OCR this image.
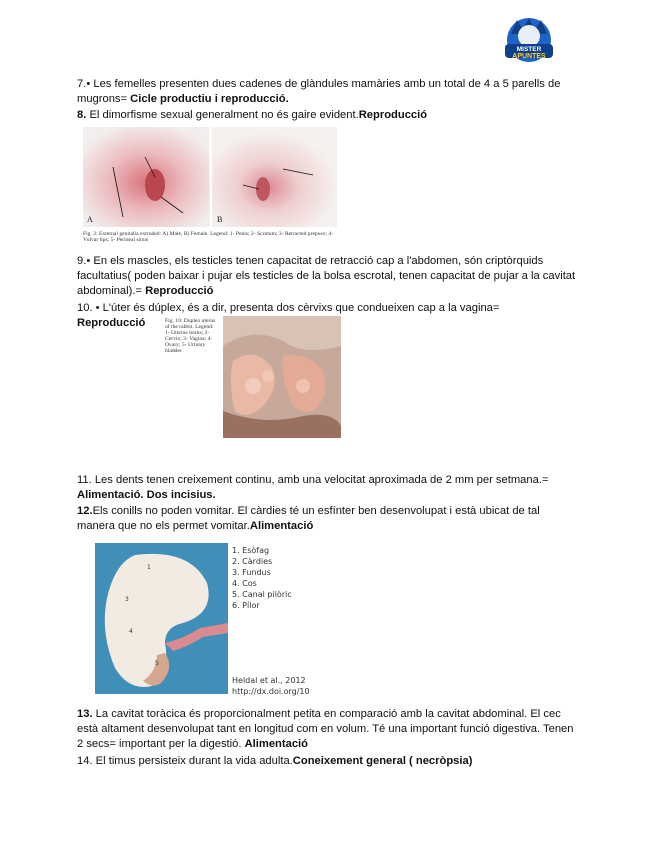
MISTER
APUNTES
7.• Les femelles presenten dues cadenes de glàndules mamàries amb un total de 4 a 5 parells de mugrons= Cicle productiu i reproducció.
8. El dimorfisme sexual generalment no és gaire evident.Reproducció
A	B
Fig. 2: External genitalia extruded: A) Male, B) Female. Legend: 1- Penis; 2- Scrotum; 3- Retracted prepuce; 4- Vulvar lips; 5- Perineal sinus
9.• En els mascles, els testicles tenen capacitat de retracció cap a l'abdomen, són criptòrquids facultatius( poden baixar i pujar els testicles de la bolsa escrotal, tenen capacitat de pujar a la cavitat abdominal).= Reproducció
10. • L'úter és dúplex, és a dir, presenta dos cèrvixs que condueixen cap a la vagina= Reproducció	Fig. 10: Duplex uterus of the rabbit. Legend: 1- Uterine horns; 2- Cervix; 3- Vagina; 4- Ovary; 5- Urinary bladder
11. Les dents tenen creixement continu, amb una velocitat aproximada de 2 mm per setmana.= Alimentació. Dos incisius.
12.Els conills no poden vomitar. El càrdies té un esfínter ben desenvolupat i està ubicat de tal manera que no els permet vomitar.Alimentació
1
3
4
5
1. Esòfag
2. Càrdies
3. Fundus
4. Cos
5. Canal pilòric
6. Pílor
Heldal et al., 2012
http://dx.doi.org/10
13. La cavitat toràcica és proporcionalment petita en comparació amb la cavitat abdominal. El cec està altament desenvolupat tant en longitud com en volum. Té una important funció digestiva. Tenen 2 secs= important per la digestió. Alimentació
14. El timus persisteix durant la vida adulta.Coneixement general ( necròpsia)
